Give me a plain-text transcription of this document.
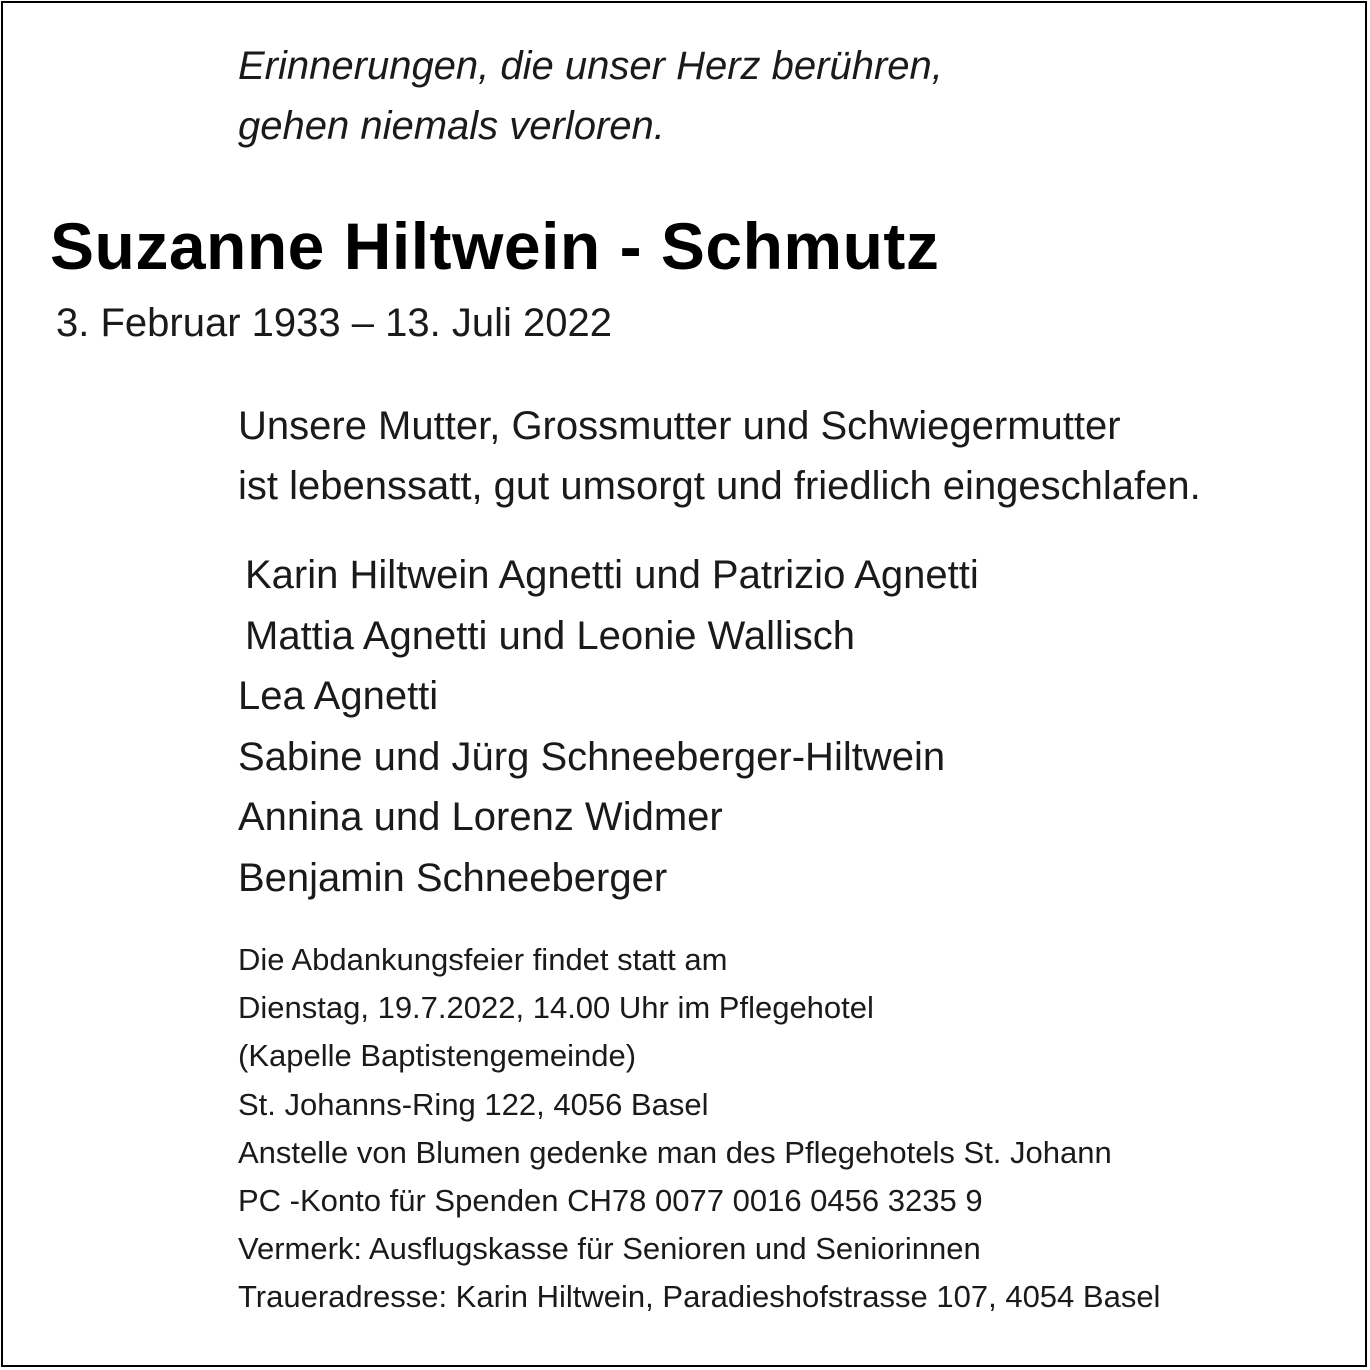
Erinnerungen, die unser Herz berühren,
gehen niemals verloren.
Suzanne Hiltwein - Schmutz
3. Februar 1933 – 13. Juli 2022
Unsere Mutter, Grossmutter und Schwiegermutter
ist lebenssatt, gut umsorgt und friedlich eingeschlafen.
Karin Hiltwein Agnetti und Patrizio Agnetti
Mattia Agnetti und Leonie Wallisch
Lea Agnetti
Sabine und Jürg Schneeberger-Hiltwein
Annina und Lorenz Widmer
Benjamin Schneeberger
Die Abdankungsfeier findet statt am
Dienstag, 19.7.2022, 14.00 Uhr im Pflegehotel
(Kapelle Baptistengemeinde)
St. Johanns-Ring 122, 4056 Basel
Anstelle von Blumen gedenke man des Pflegehotels St. Johann
PC -Konto für Spenden CH78 0077 0016 0456 3235 9
Vermerk: Ausflugskasse für Senioren und Seniorinnen
Traueradresse: Karin Hiltwein, Paradieshofstrasse 107, 4054 Basel
